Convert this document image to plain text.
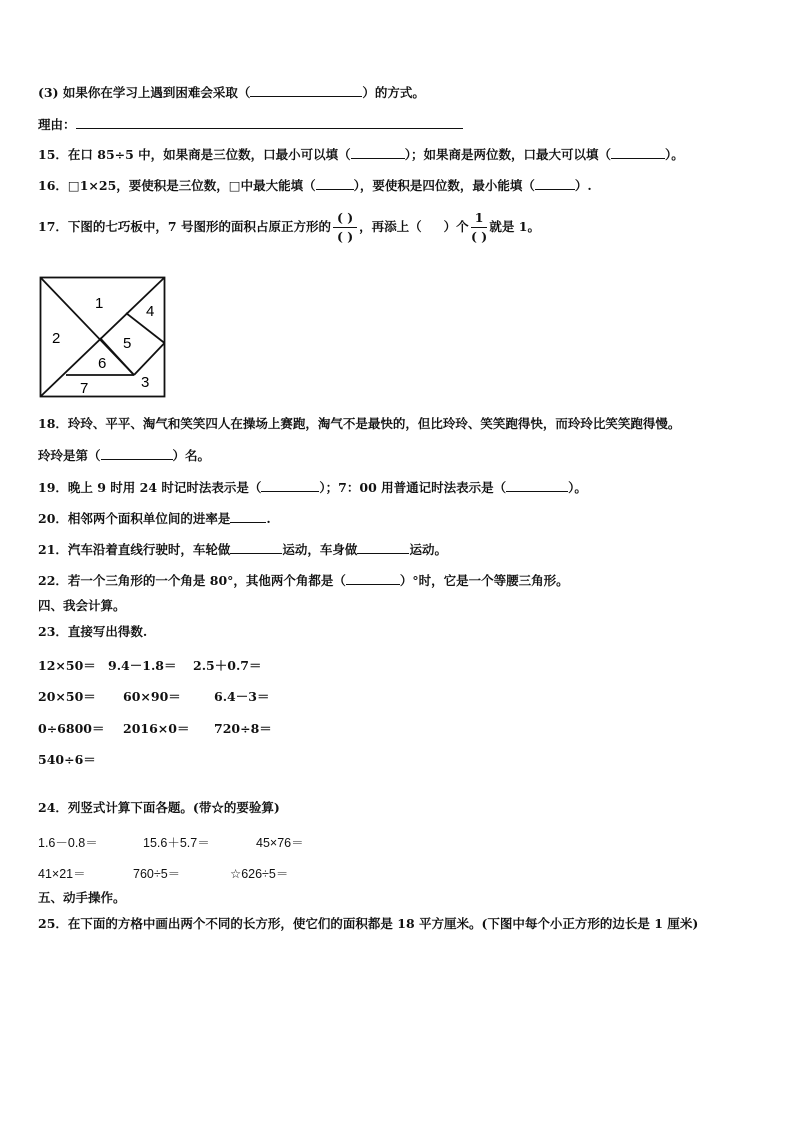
(3) 如果你在学习上遇到困难会采取（	）的方式。
理由：
15．在口 85÷5 中，如果商是三位数，口最小可以填（	）；如果商是两位数，口最大可以填（	）。
16．□1×25，要使积是三位数，□中最大能填（	），要使积是四位数，最小能填（	）.
17．下图的七巧板中，7 号图形的面积占原正方形的 $\frac{( )}{( )}$ ，再添上（ ）个 $\frac{1}{( )}$ 就是 1。
1
2
3
4
5
6
7
18．玲玲、平平、淘气和笑笑四人在操场上赛跑，淘气不是最快的，但比玲玲、笑笑跑得快，而玲玲比笑笑跑得慢。
玲玲是第（	）名。
19．晚上 9 时用 24 时记时法表示是（	）；7：00 用普通记时法表示是（	）。
20．相邻两个面积单位间的进率是	.
21．汽车沿着直线行驶时，车轮做	运动，车身做	运动。
22．若一个三角形的一个角是 80°，其他两个角都是（	）°时，它是一个等腰三角形。
四、我会计算。
23．直接写出得数.
12×50＝ 9.4－1.8＝ 2.5＋0.7＝
20×50＝ 60×90＝	6.4－3＝
0÷6800＝ 2016×0＝ 720÷8＝
540÷6＝
24．列竖式计算下面各题。(带☆的要验算)
1.6－0.8＝	15.6＋5.7＝	45×76＝
41×21＝	760÷5＝	☆626÷5＝
五、动手操作。
25．在下面的方格中画出两个不同的长方形，使它们的面积都是 18 平方厘米。(下图中每个小正方形的边长是 1 厘米)
